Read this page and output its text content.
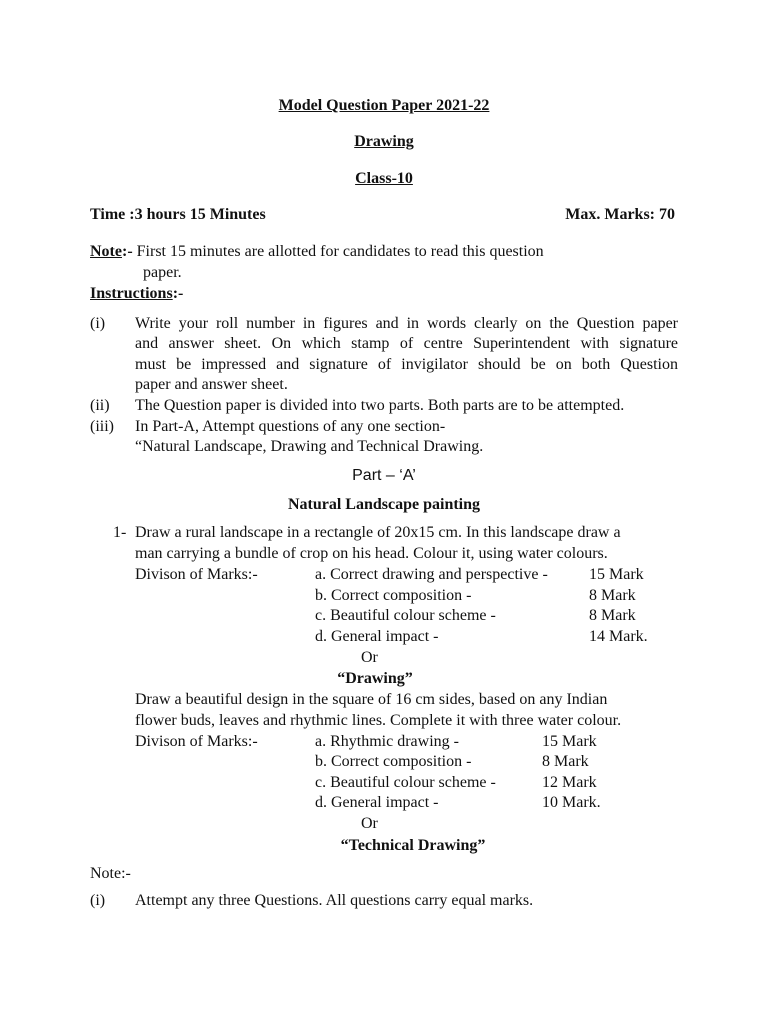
Model Question Paper 2021-22
Drawing
Class-10
Time :3 hours 15 Minutes	Max. Marks: 70
Note:- First 15 minutes are allotted for candidates to read this question
paper.
Instructions:-
(i) Write your roll number in figures and in words clearly on the Question paper
and answer sheet. On which stamp of centre Superintendent with signature
must be impressed and signature of invigilator should be on both Question
paper and answer sheet.
(ii) The Question paper is divided into two parts. Both parts are to be attempted.
(iii) In Part-A, Attempt questions of any one section-
“Natural Landscape, Drawing and Technical Drawing.
Part – ‘A’
Natural Landscape painting
1- Draw a rural landscape in a rectangle of 20x15 cm. In this landscape draw a
man carrying a bundle of crop on his head. Colour it, using water colours.
Divison of Marks:-	a. Correct drawing and perspective -	15 Mark
b. Correct composition -	8 Mark
c. Beautiful colour scheme -	8 Mark
d. General impact -	14 Mark.
Or
“Drawing”
Draw a beautiful design in the square of 16 cm sides, based on any Indian
flower buds, leaves and rhythmic lines. Complete it with three water colour.
Divison of Marks:-	a. Rhythmic drawing -	15 Mark
b. Correct composition -	8 Mark
c. Beautiful colour scheme -	12 Mark
d. General impact -	10 Mark.
Or
“Technical Drawing”
Note:-
(i) Attempt any three Questions. All questions carry equal marks.
